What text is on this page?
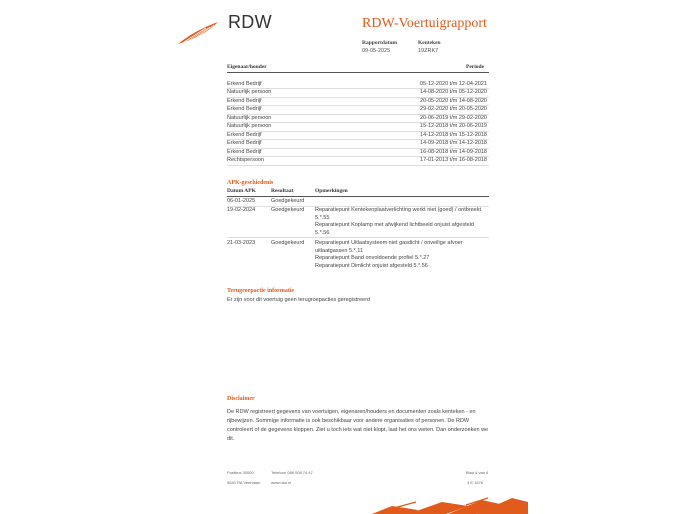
RDW	RDW-Voertuigrapport
Rapportdatum
09-05-2025
Kenteken
19ZRK7
Eigenaar/houder	Periode
Erkend Bedrijf	05-12-2020 t/m 12-04-2021
Natuurlijk persoon	14-08-2020 t/m 05-12-2020
Erkend Bedrijf	20-05-2020 t/m 14-08-2020
Erkend Bedrijf	29-02-2020 t/m 20-05-2020
Natuurlijk persoon	20-06-2019 t/m 29-02-2020
Natuurlijk persoon	15-12-2018 t/m 20-06-2019
Erkend Bedrijf	14-12-2018 t/m 15-12-2018
Erkend Bedrijf	14-09-2018 t/m 14-12-2018
Erkend Bedrijf	16-08-2018 t/m 14-09-2018
Rechtspersoon	17-01-2013 t/m 16-08-2018
APK-geschiedenis
Datum APK	Resultaat	Opmerkingen
06-01-2025	Goedgekeurd
19-02-2024	Goedgekeurd Reparatiepunt Kentekenplaatverlichting werkt niet (goed) / ontbreekt 5.*.55
Reparatiepunt Koplamp met afwijkend lichtbeeld onjuist afgesteld 5.*.56
21-03-2023	Goedgekeurd Reparatiepunt Uitlaatsysteem niet gasdicht / onveilige afvoer uitlaatgassen 5.*.11
Reparatiepunt Band onvoldoende profiel 5.*.27
Reparatiepunt Dimlicht onjuist afgesteld 5.*.56
Terugroepactie informatie
Er zijn voor dit voertuig geen terugroepacties geregistreerd
Disclaimer
De RDW registreert gegevens van voertuigen, eigenaren/houders en documenten zoals kenteken - en rijbewijzen. Sommige informatie is ook beschikbaar voor andere organisaties of personen. De RDW controleert of de gegevens kloppen. Ziet u toch iets wat niet klopt, laat het ons weten. Dan onderzoeken we dit.
Postbus 30000
9640 RA Veendam
Telefoon 088 008 74 47
www.rdw.nl
Blad 4 van 4
3 E 1678
